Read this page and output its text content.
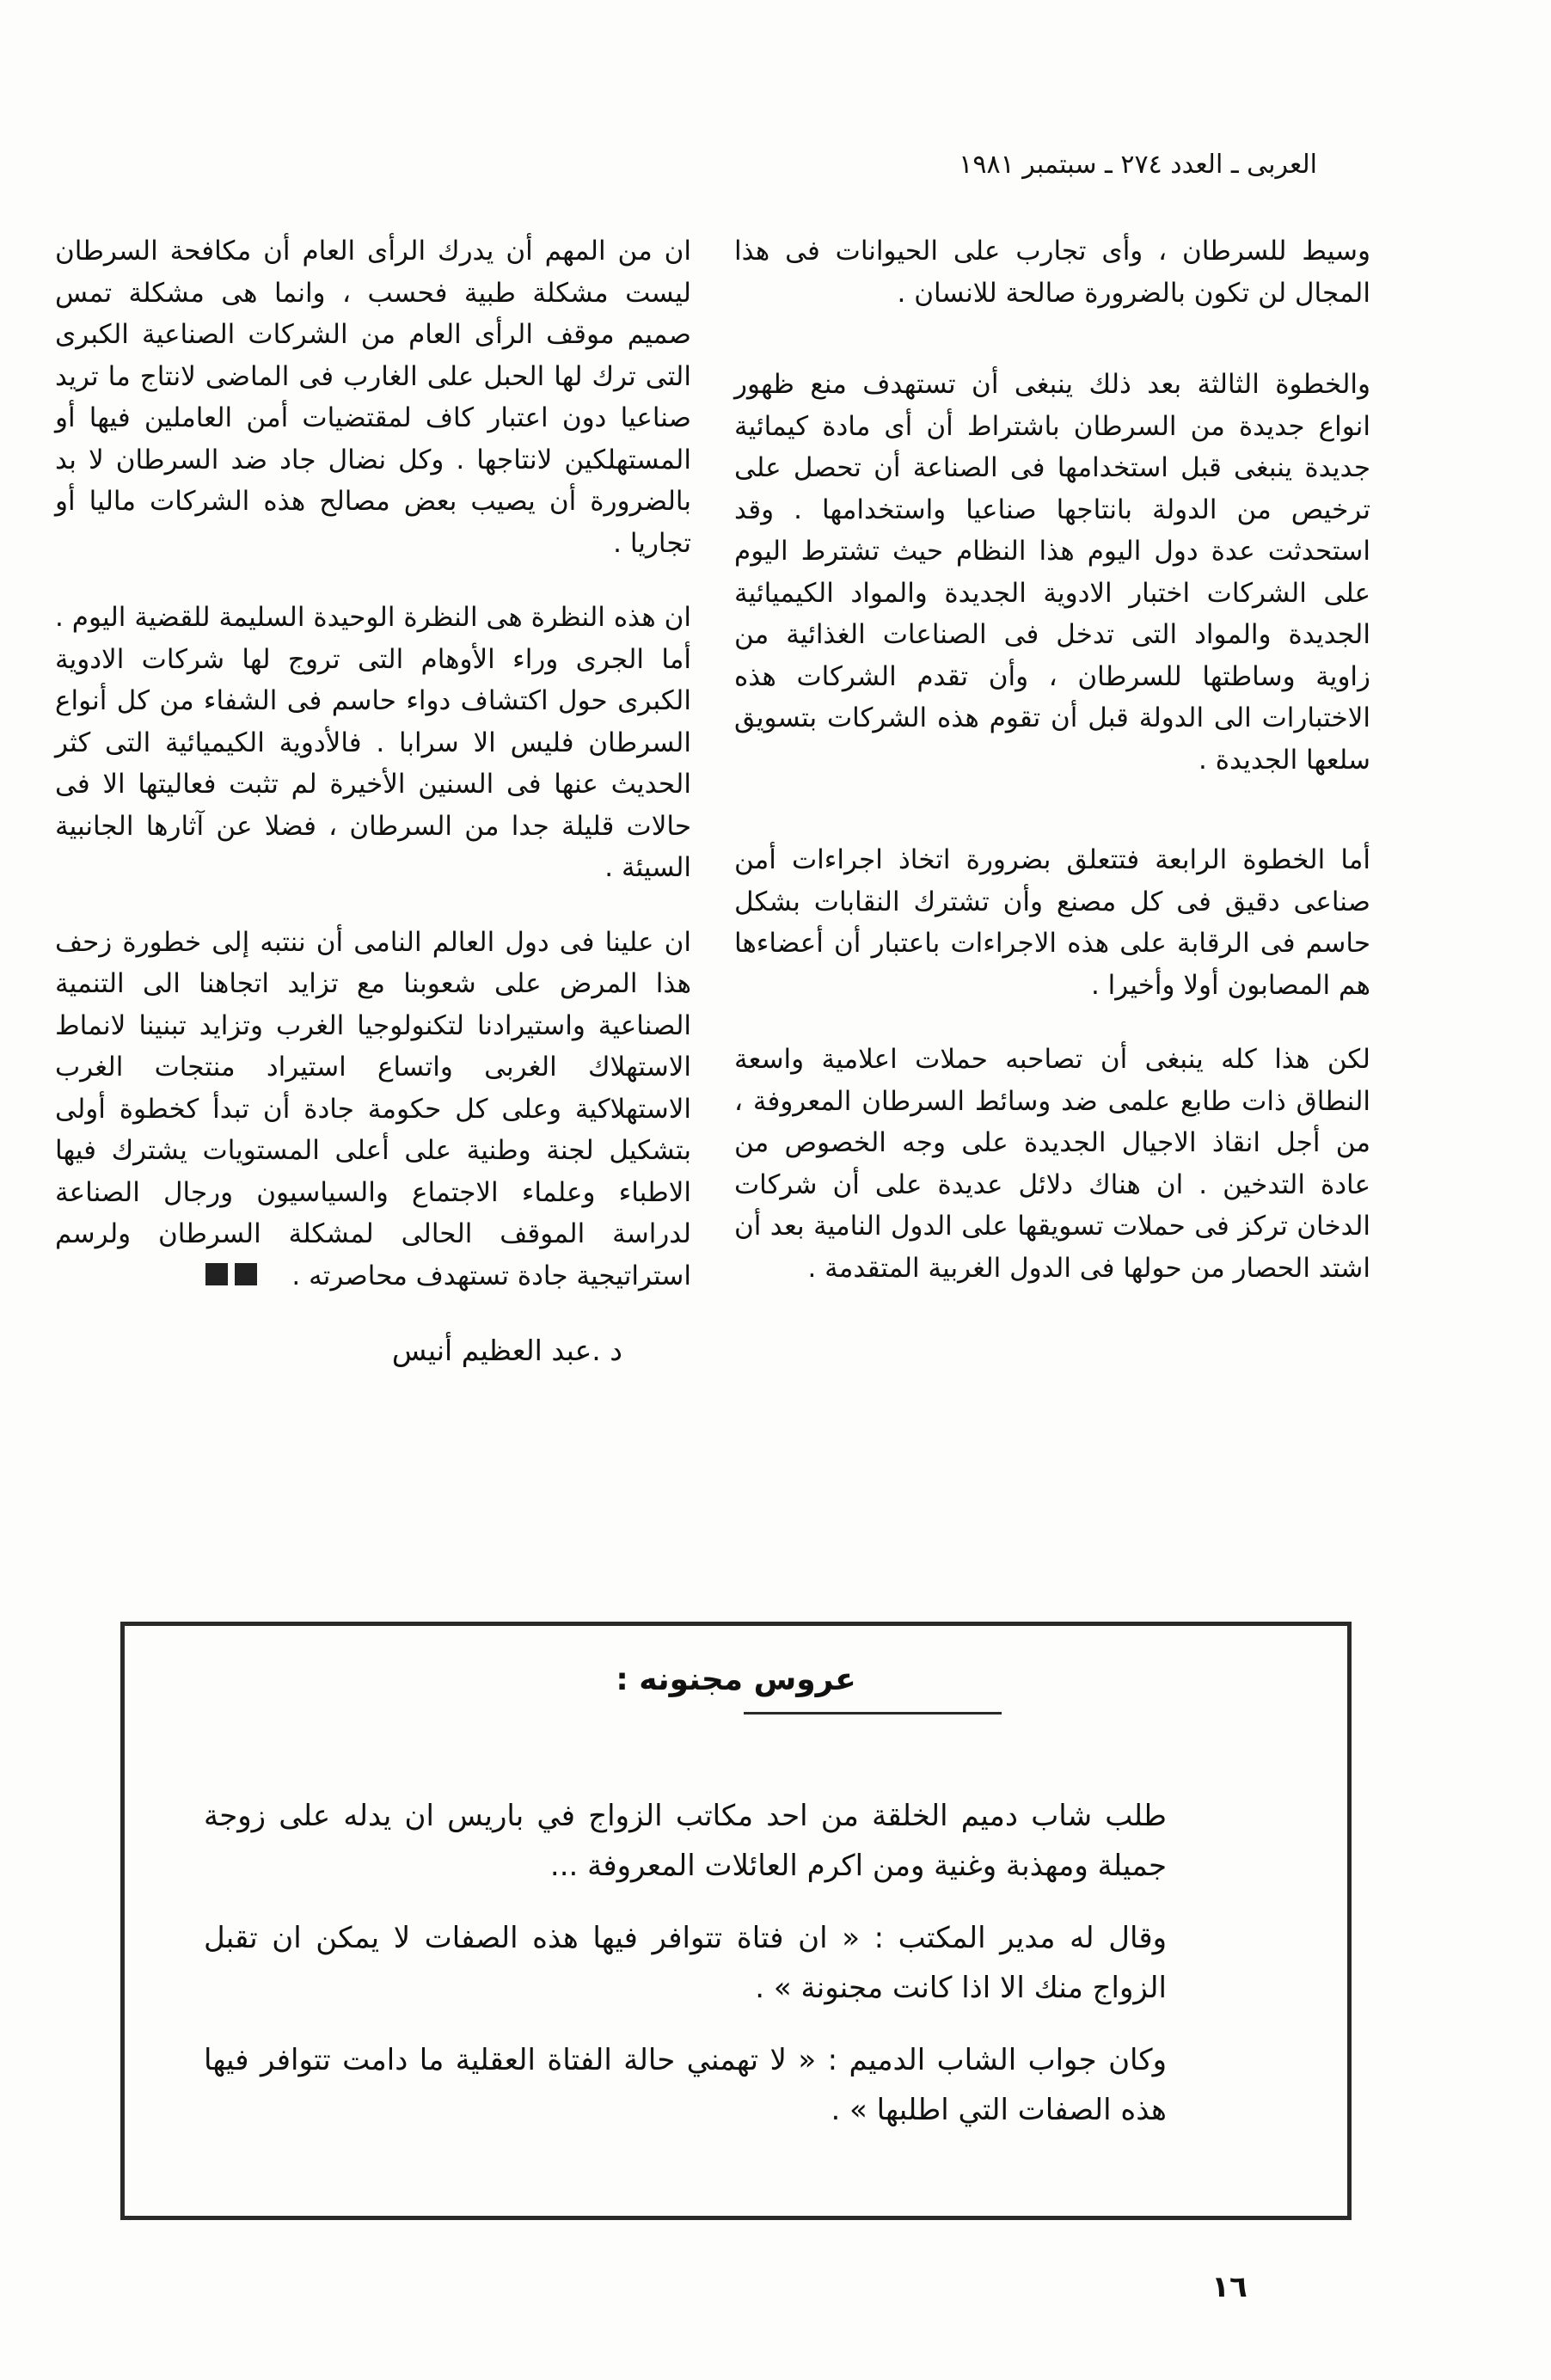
العربى ـ العدد ٢٧٤ ـ سبتمبر ١٩٨١

وسيط للسرطان ، وأى تجارب على الحيوانات فى هذا المجال لن تكون بالضرورة صالحة للانسان .

والخطوة الثالثة بعد ذلك ينبغى أن تستهدف منع ظهور انواع جديدة من السرطان باشتراط أن أى مادة كيمائية جديدة ينبغى قبل استخدامها فى الصناعة أن تحصل على ترخيص من الدولة بانتاجها صناعيا واستخدامها . وقد استحدثت عدة دول اليوم هذا النظام حيث تشترط اليوم على الشركات اختبار الادوية الجديدة والمواد الكيميائية الجديدة والمواد التى تدخل فى الصناعات الغذائية من زاوية وساطتها للسرطان ، وأن تقدم الشركات هذه الاختبارات الى الدولة قبل أن تقوم هذه الشركات بتسويق سلعها الجديدة .

أما الخطوة الرابعة فتتعلق بضرورة اتخاذ اجراءات أمن صناعى دقيق فى كل مصنع وأن تشترك النقابات بشكل حاسم فى الرقابة على هذه الاجراءات باعتبار أن أعضاءها هم المصابون أولا وأخيرا .

لكن هذا كله ينبغى أن تصاحبه حملات اعلامية واسعة النطاق ذات طابع علمى ضد وسائط السرطان المعروفة ، من أجل انقاذ الاجيال الجديدة على وجه الخصوص من عادة التدخين . ان هناك دلائل عديدة على أن شركات الدخان تركز فى حملات تسويقها على الدول النامية بعد أن اشتد الحصار من حولها فى الدول الغربية المتقدمة .

ان من المهم أن يدرك الرأى العام أن مكافحة السرطان ليست مشكلة طبية فحسب ، وانما هى مشكلة تمس صميم موقف الرأى العام من الشركات الصناعية الكبرى التى ترك لها الحبل على الغارب فى الماضى لانتاج ما تريد صناعيا دون اعتبار كاف لمقتضيات أمن العاملين فيها أو المستهلكين لانتاجها . وكل نضال جاد ضد السرطان لا بد بالضرورة أن يصيب بعض مصالح هذه الشركات ماليا أو تجاريا .

ان هذه النظرة هى النظرة الوحيدة السليمة للقضية اليوم . أما الجرى وراء الأوهام التى تروج لها شركات الادوية الكبرى حول اكتشاف دواء حاسم فى الشفاء من كل أنواع السرطان فليس الا سرابا . فالأدوية الكيميائية التى كثر الحديث عنها فى السنين الأخيرة لم تثبت فعاليتها الا فى حالات قليلة جدا من السرطان ، فضلا عن آثارها الجانبية السيئة .

ان علينا فى دول العالم النامى أن ننتبه إلى خطورة زحف هذا المرض على شعوبنا مع تزايد اتجاهنا الى التنمية الصناعية واستيرادنا لتكنولوجيا الغرب وتزايد تبنينا لانماط الاستهلاك الغربى واتساع استيراد منتجات الغرب الاستهلاكية وعلى كل حكومة جادة أن تبدأ كخطوة أولى بتشكيل لجنة وطنية على أعلى المستويات يشترك فيها الاطباء وعلماء الاجتماع والسياسيون ورجال الصناعة لدراسة الموقف الحالى لمشكلة السرطان ولرسم استراتيجية جادة تستهدف محاصرته .

د .عبد العظيم أنيس
عروس مجنونه :

طلب شاب دميم الخلقة من احد مكاتب الزواج في باريس ان يدله على زوجة جميلة ومهذبة وغنية ومن اكرم العائلات المعروفة ...

وقال له مدير المكتب : « ان فتاة تتوافر فيها هذه الصفات لا يمكن ان تقبل الزواج منك الا اذا كانت مجنونة » .

وكان جواب الشاب الدميم : « لا تهمني حالة الفتاة العقلية ما دامت تتوافر فيها هذه الصفات التي اطلبها » .

١٦
